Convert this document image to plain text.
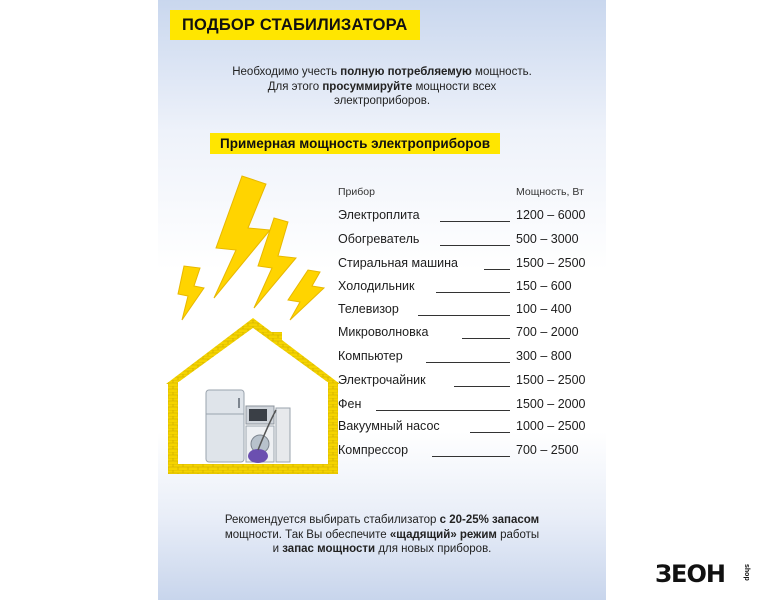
ПОДБОР СТАБИЛИЗАТОРА
Необходимо учесть полную потребляемую мощность.
Для этого просуммируйте мощности всех
электроприборов.
Примерная мощность электроприборов
Прибор	Мощность, Вт
Электроплита	1200 – 6000
Обогреватель	500 – 3000
Стиральная машина	1500 – 2500
Холодильник	150 – 600
Телевизор	100 – 400
Микроволновка	700 – 2000
Компьютер	300 – 800
Электрочайник	1500 – 2500
Фен	1500 – 2000
Вакуумный насос	1000 – 2500
Компрессор	700 – 2500
Рекомендуется выбирать стабилизатор с 20-25% запасом
мощности. Так Вы обеспечите «щадящий» режим работы
и запас мощности для новых приборов.
ЗЕОН	shop
